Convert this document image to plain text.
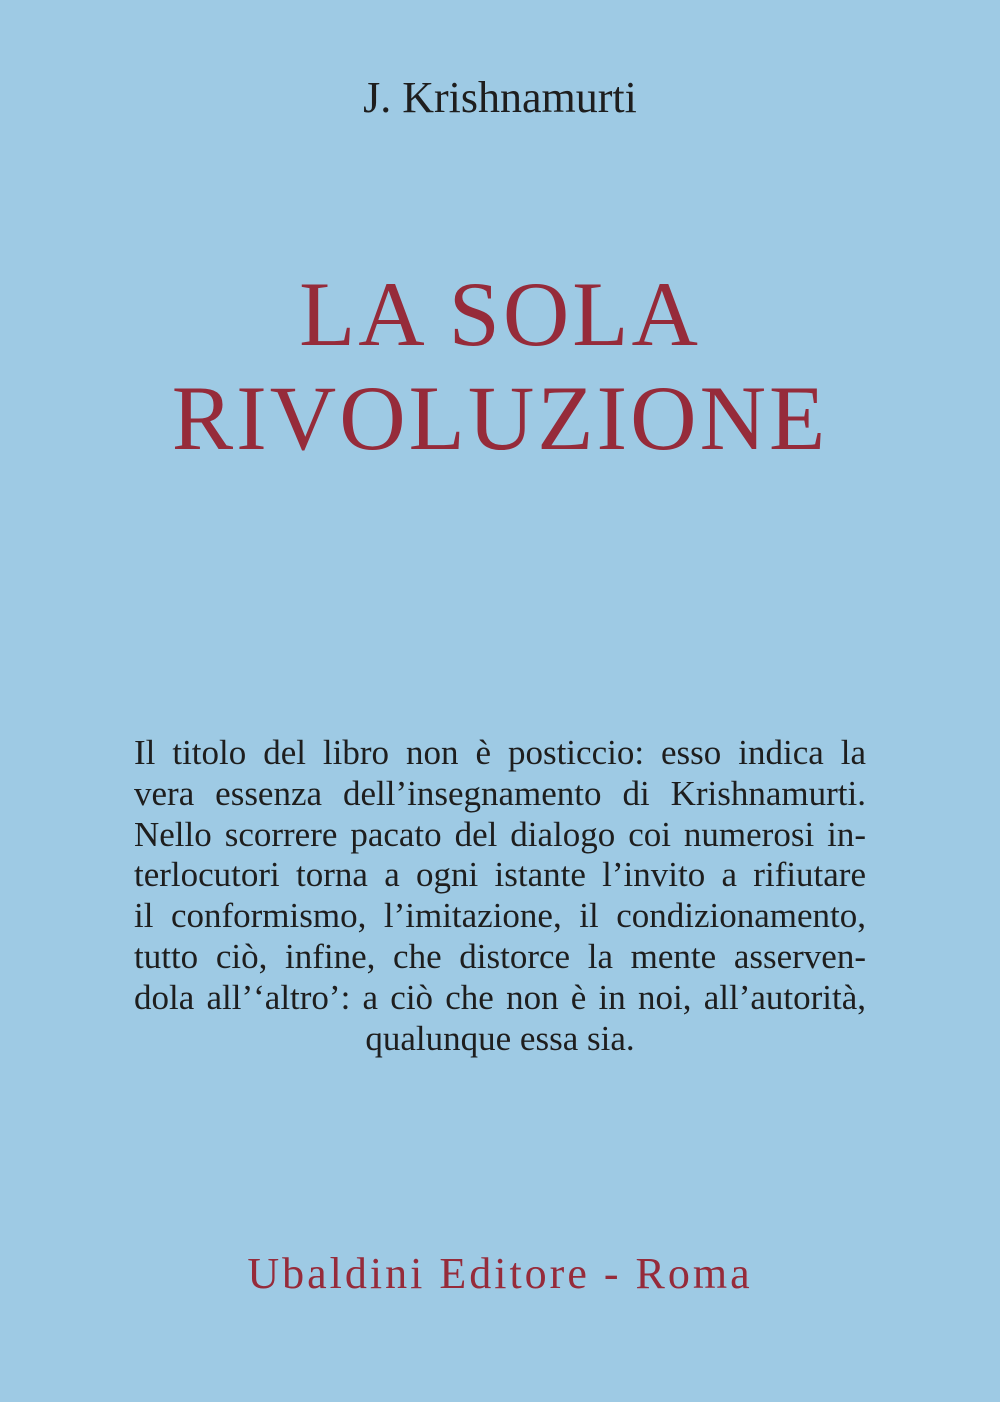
J. Krishnamurti
LA SOLA
RIVOLUZIONE
Il titolo del libro non è posticcio: esso indica la
vera essenza dell’insegnamento di Krishnamurti.
Nello scorrere pacato del dialogo coi numerosi in-
terlocutori torna a ogni istante l’invito a rifiutare
il conformismo, l’imitazione, il condizionamento,
tutto ciò, infine, che distorce la mente asserven-
dola all’‘altro’: a ciò che non è in noi, all’autorità,
qualunque essa sia.
Ubaldini Editore - Roma
